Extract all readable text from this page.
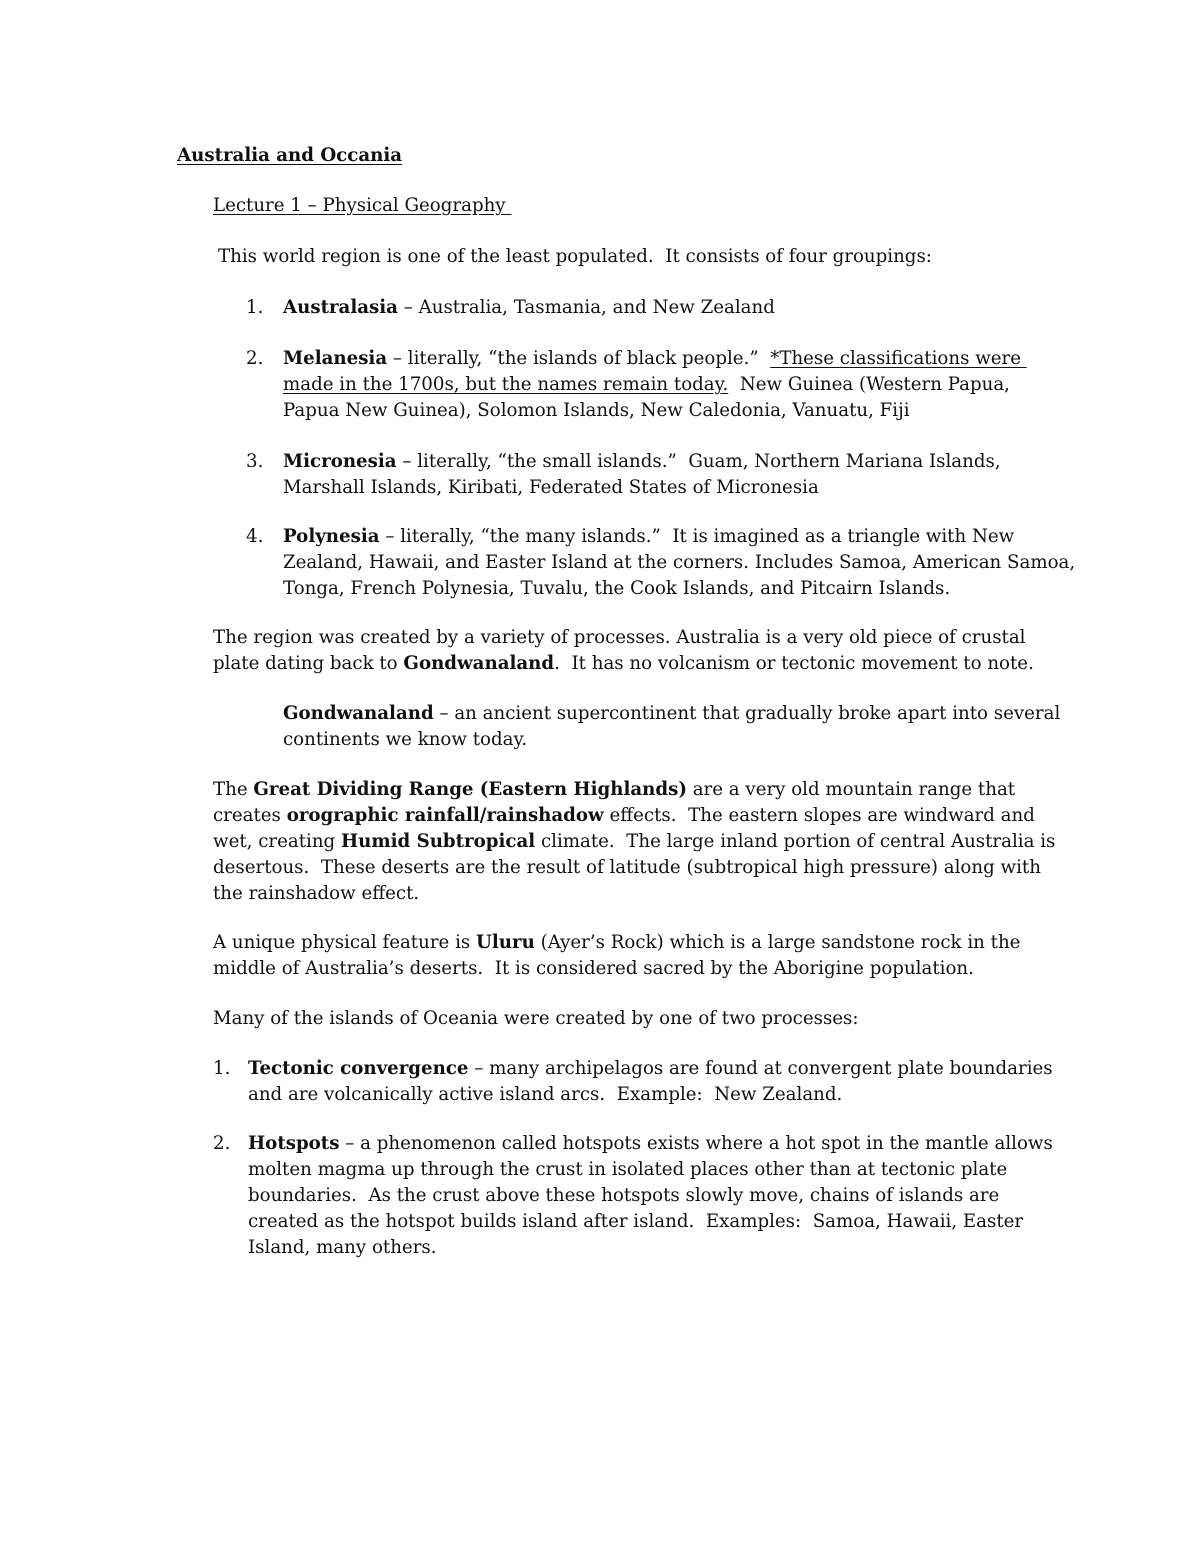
Australia and Occania
Lecture 1 – Physical Geography
This world region is one of the least populated.  It consists of four groupings:
1. Australasia – Australia, Tasmania, and New Zealand
2. Melanesia – literally, “the islands of black people.”  *These classifications were
made in the 1700s, but the names remain today.  New Guinea (Western Papua,
Papua New Guinea), Solomon Islands, New Caledonia, Vanuatu, Fiji
3. Micronesia – literally, “the small islands.”  Guam, Northern Mariana Islands,
Marshall Islands, Kiribati, Federated States of Micronesia
4. Polynesia – literally, “the many islands.”  It is imagined as a triangle with New
Zealand, Hawaii, and Easter Island at the corners. Includes Samoa, American Samoa,
Tonga, French Polynesia, Tuvalu, the Cook Islands, and Pitcairn Islands.
The region was created by a variety of processes. Australia is a very old piece of crustal
plate dating back to Gondwanaland.  It has no volcanism or tectonic movement to note.
Gondwanaland – an ancient supercontinent that gradually broke apart into several
continents we know today.
The Great Dividing Range (Eastern Highlands) are a very old mountain range that
creates orographic rainfall/rainshadow effects.  The eastern slopes are windward and
wet, creating Humid Subtropical climate.  The large inland portion of central Australia is
desertous.  These deserts are the result of latitude (subtropical high pressure) along with
the rainshadow effect.
A unique physical feature is Uluru (Ayer’s Rock) which is a large sandstone rock in the
middle of Australia’s deserts.  It is considered sacred by the Aborigine population.
Many of the islands of Oceania were created by one of two processes:
1. Tectonic convergence – many archipelagos are found at convergent plate boundaries
and are volcanically active island arcs.  Example:  New Zealand.
2. Hotspots – a phenomenon called hotspots exists where a hot spot in the mantle allows
molten magma up through the crust in isolated places other than at tectonic plate
boundaries.  As the crust above these hotspots slowly move, chains of islands are
created as the hotspot builds island after island.  Examples:  Samoa, Hawaii, Easter
Island, many others.
